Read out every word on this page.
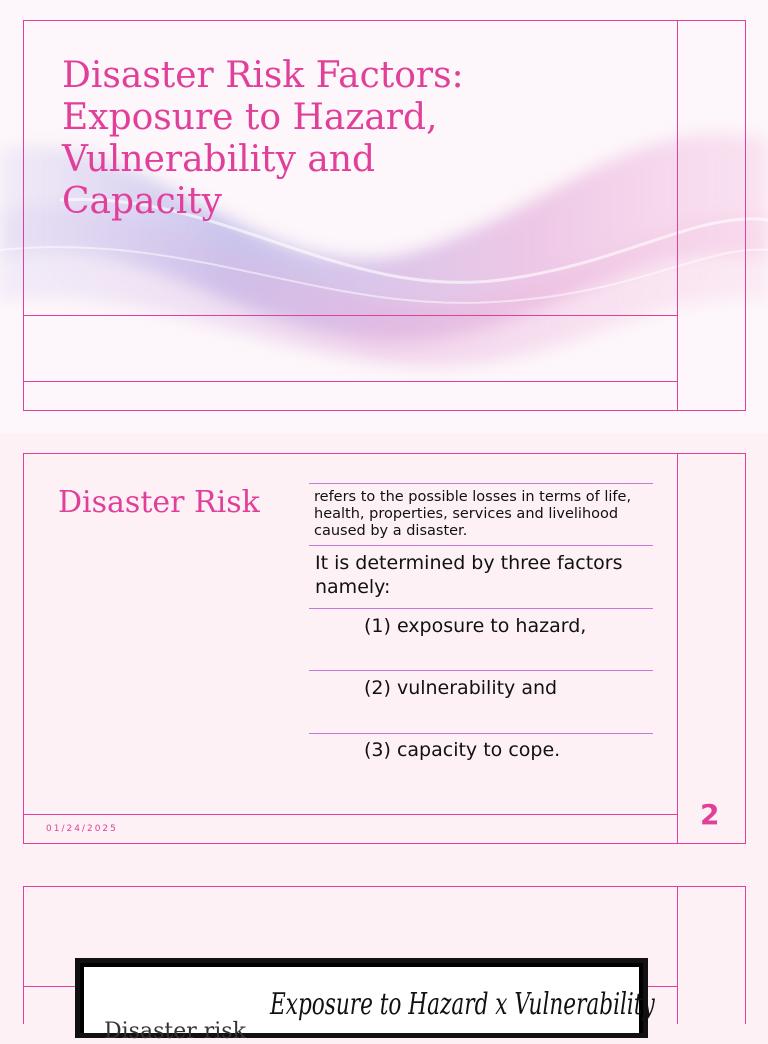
Disaster Risk Factors:
Exposure to Hazard,
Vulnerability and
Capacity
Disaster Risk	refers to the possible losses in terms of life, health, properties, services and livelihood caused by a disaster.
It is determined by three factors namely:
(1) exposure to hazard,
(2) vulnerability and
(3) capacity to cope.
01/24/2025	2
Exposure to Hazard x Vulnerability
Disaster risk
